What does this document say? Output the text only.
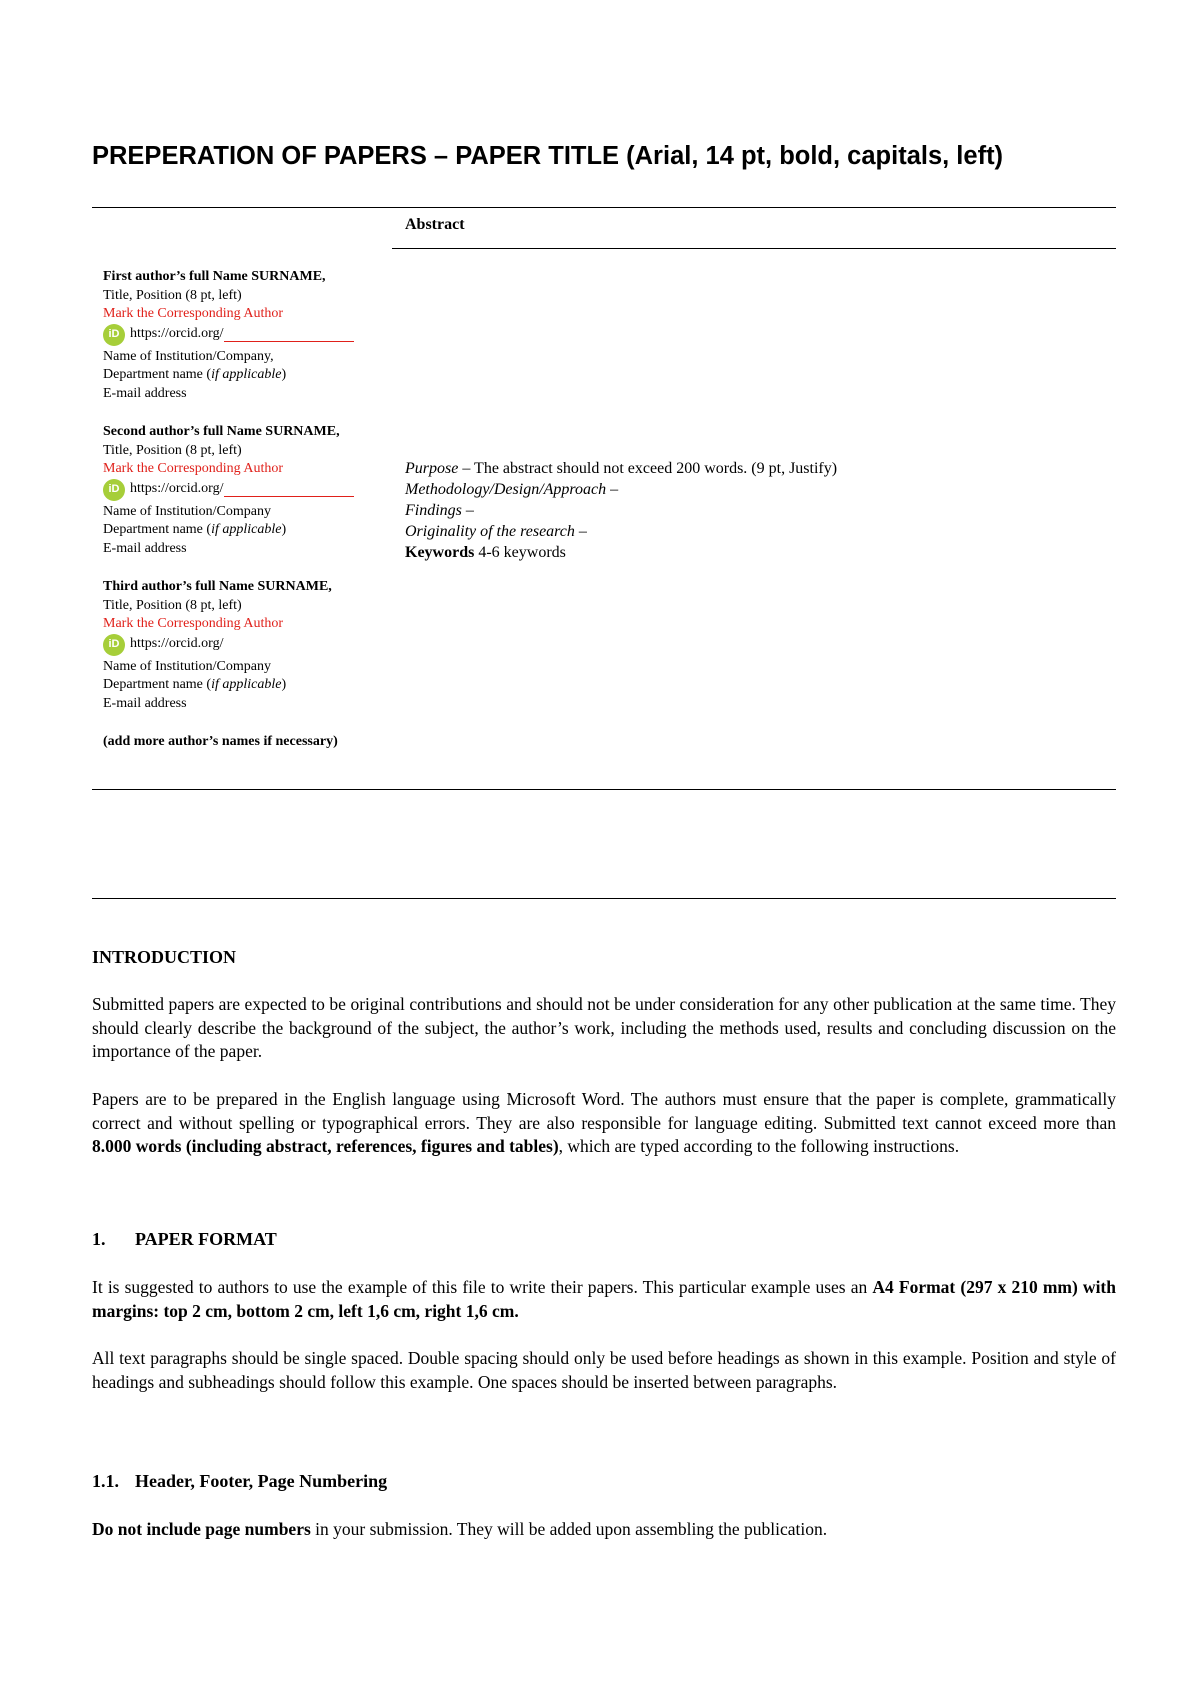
PREPERATION OF PAPERS – PAPER TITLE (Arial, 14 pt, bold, capitals, left)
Abstract
First author’s full Name SURNAME,
Title, Position (8 pt, left)
Mark the Corresponding Author
iD https://orcid.org/
Name of Institution/Company,
Department name (if applicable)
E-mail address
Second author’s full Name SURNAME,
Title, Position (8 pt, left)
Mark the Corresponding Author
iD https://orcid.org/
Name of Institution/Company
Department name (if applicable)
E-mail address
Third author’s full Name SURNAME,
Title, Position (8 pt, left)
Mark the Corresponding Author
iD https://orcid.org/
Name of Institution/Company
Department name (if applicable)
E-mail address
(add more author’s names if necessary)
Purpose – The abstract should not exceed 200 words. (9 pt, Justify)
Methodology/Design/Approach –
Findings –
Originality of the research –
Keywords 4-6 keywords
INTRODUCTION
Submitted papers are expected to be original contributions and should not be under consideration for any other publication at the same time. They should clearly describe the background of the subject, the author’s work, including the methods used, results and concluding discussion on the importance of the paper.
Papers are to be prepared in the English language using Microsoft Word. The authors must ensure that the paper is complete, grammatically correct and without spelling or typographical errors. They are also responsible for language editing. Submitted text cannot exceed more than 8.000 words (including abstract, references, figures and tables), which are typed according to the following instructions.
1. PAPER FORMAT
It is suggested to authors to use the example of this file to write their papers. This particular example uses an A4 Format (297 x 210 mm) with margins: top 2 cm, bottom 2 cm, left 1,6 cm, right 1,6 cm.
All text paragraphs should be single spaced. Double spacing should only be used before headings as shown in this example. Position and style of headings and subheadings should follow this example. One spaces should be inserted between paragraphs.
1.1. Header, Footer, Page Numbering
Do not include page numbers in your submission. They will be added upon assembling the publication.
